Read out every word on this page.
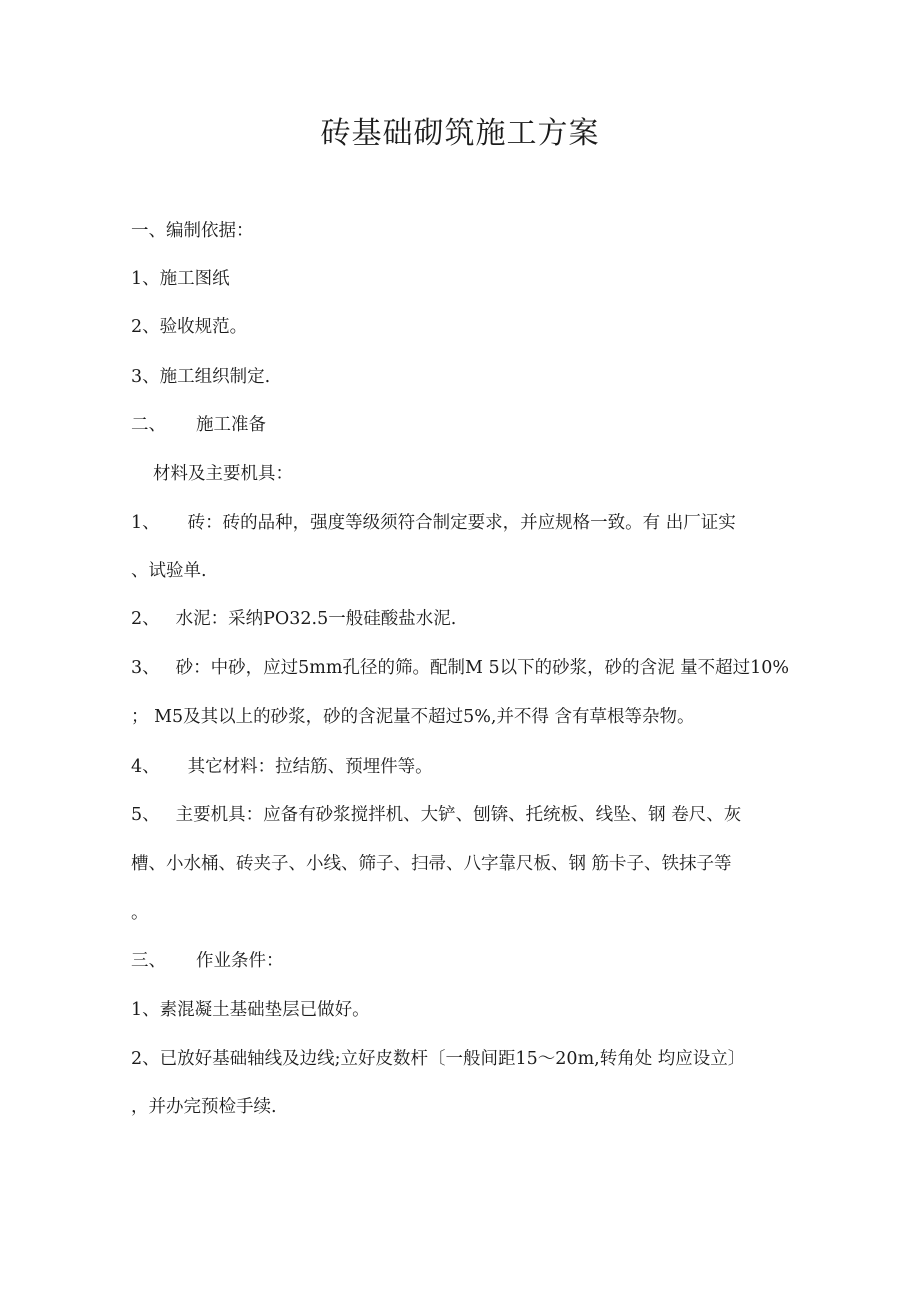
砖基础砌筑施工方案
一、编制依据：
1、施工图纸
2、验收规范。
3、施工组织制定.
二、 施工准备
材料及主要机具：
1、 砖：砖的品种，强度等级须符合制定要求，并应规格一致。有 出厂证实
、试验单.
2、 水泥：采纳PO32.5一般硅酸盐水泥.
3、 砂：中砂，应过5mm孔径的筛。配制M 5以下的砂浆，砂的含泥 量不超过10%
； M5及其以上的砂浆，砂的含泥量不超过5%,并不得 含有草根等杂物。
4、 其它材料：拉结筋、预埋件等。
5、 主要机具：应备有砂浆搅拌机、大铲、刨锛、托统板、线坠、钢 卷尺、灰
槽、小水桶、砖夹子、小线、筛子、扫帚、八字靠尺板、钢 筋卡子、铁抹子等
。
三、 作业条件：
1、素混凝土基础垫层已做好。
2、已放好基础轴线及边线;立好皮数杆〔一般间距15～20m,转角处 均应设立〕
，并办完预检手续.
